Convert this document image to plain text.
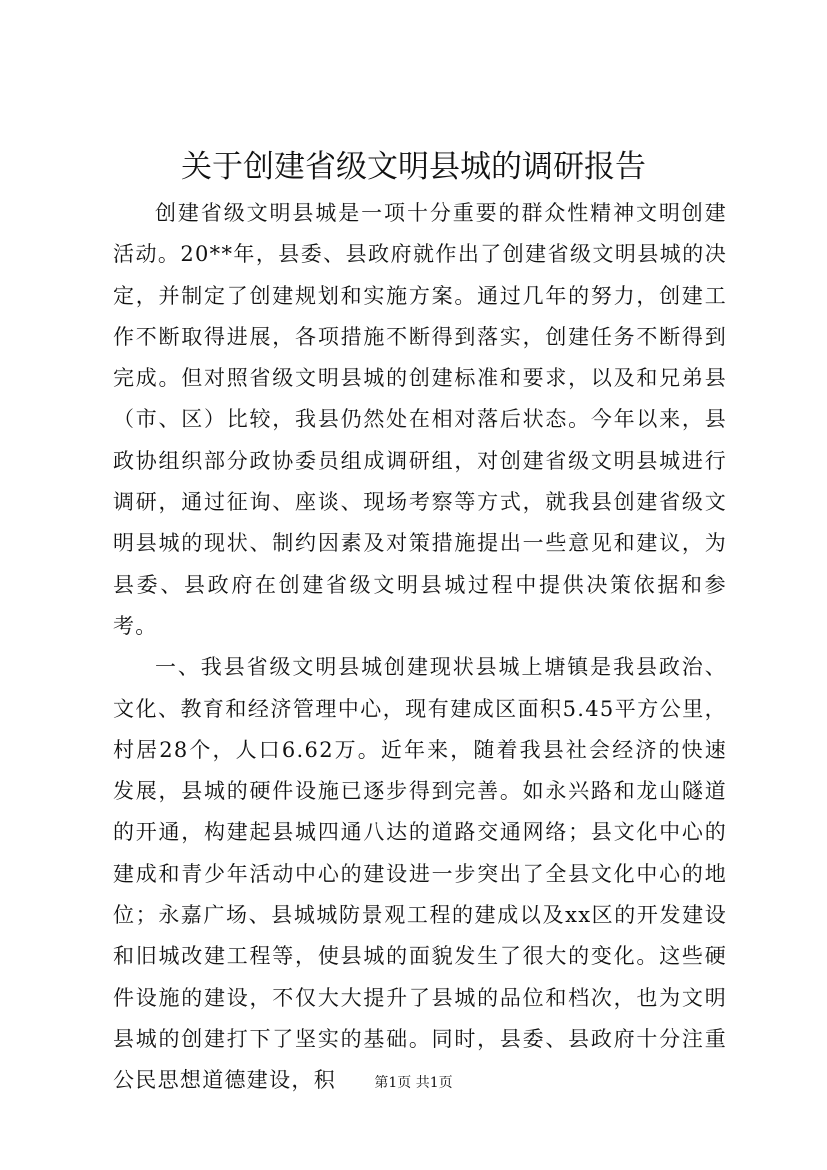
关于创建省级文明县城的调研报告

创建省级文明县城是一项十分重要的群众性精神文明创建活动。20**年，县委、县政府就作出了创建省级文明县城的决定，并制定了创建规划和实施方案。通过几年的努力，创建工作不断取得进展，各项措施不断得到落实，创建任务不断得到完成。但对照省级文明县城的创建标准和要求，以及和兄弟县（市、区）比较，我县仍然处在相对落后状态。今年以来，县政协组织部分政协委员组成调研组，对创建省级文明县城进行调研，通过征询、座谈、现场考察等方式，就我县创建省级文明县城的现状、制约因素及对策措施提出一些意见和建议，为县委、县政府在创建省级文明县城过程中提供决策依据和参考。

一、我县省级文明县城创建现状县城上塘镇是我县政治、文化、教育和经济管理中心，现有建成区面积5.45平方公里，村居28个，人口6.62万。近年来，随着我县社会经济的快速发展，县城的硬件设施已逐步得到完善。如永兴路和龙山隧道的开通，构建起县城四通八达的道路交通网络；县文化中心的建成和青少年活动中心的建设进一步突出了全县文化中心的地位；永嘉广场、县城城防景观工程的建成以及xx区的开发建设和旧城改建工程等，使县城的面貌发生了很大的变化。这些硬件设施的建设，不仅大大提升了县城的品位和档次，也为文明县城的创建打下了坚实的基础。同时，县委、县政府十分注重公民思想道德建设，积	第1页 共1页
